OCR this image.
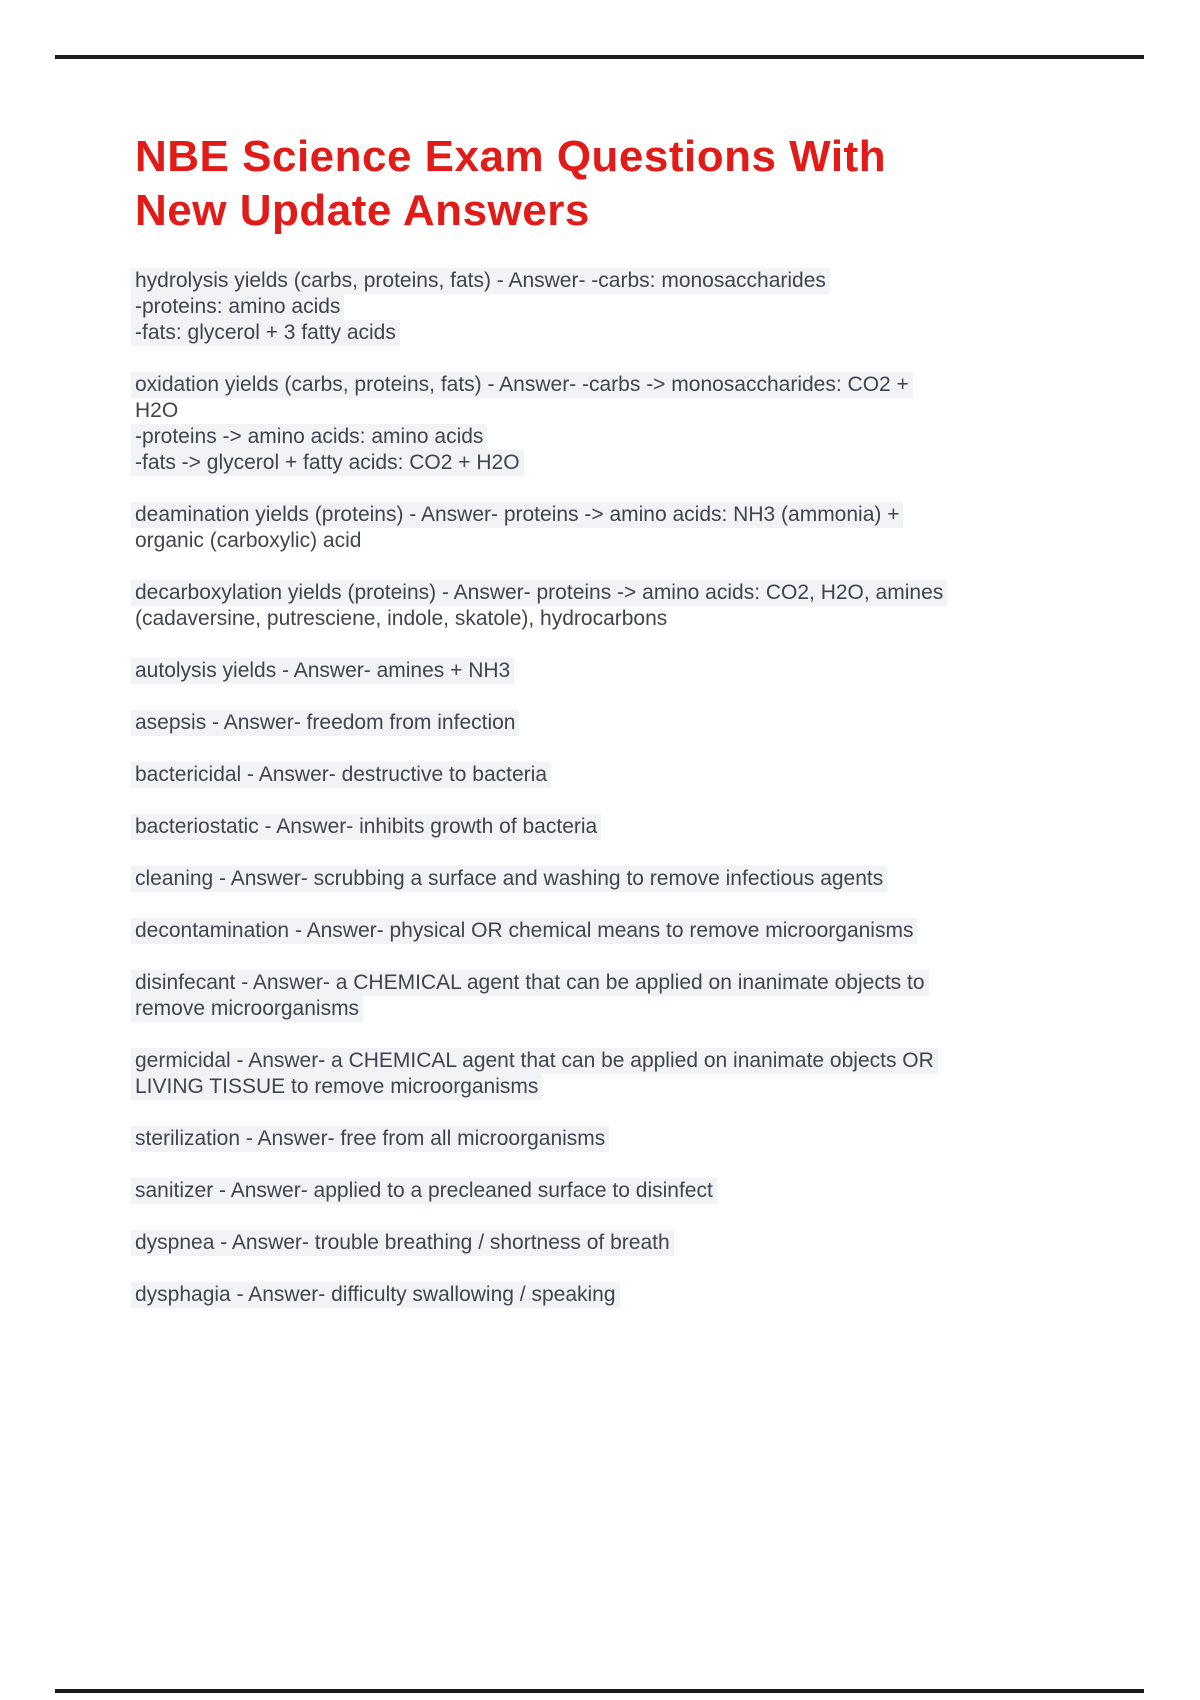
NBE Science Exam Questions With
New Update Answers
hydrolysis yields (carbs, proteins, fats) - Answer- -carbs: monosaccharides
-proteins: amino acids
-fats: glycerol + 3 fatty acids
oxidation yields (carbs, proteins, fats) - Answer- -carbs -> monosaccharides: CO2 +
H2O
-proteins -> amino acids: amino acids
-fats -> glycerol + fatty acids: CO2 + H2O
deamination yields (proteins) - Answer- proteins -> amino acids: NH3 (ammonia) +
organic (carboxylic) acid
decarboxylation yields (proteins) - Answer- proteins -> amino acids: CO2, H2O, amines
(cadaversine, putresciene, indole, skatole), hydrocarbons
autolysis yields - Answer- amines + NH3
asepsis - Answer- freedom from infection
bactericidal - Answer- destructive to bacteria
bacteriostatic - Answer- inhibits growth of bacteria
cleaning - Answer- scrubbing a surface and washing to remove infectious agents
decontamination - Answer- physical OR chemical means to remove microorganisms
disinfecant - Answer- a CHEMICAL agent that can be applied on inanimate objects to
remove microorganisms
germicidal - Answer- a CHEMICAL agent that can be applied on inanimate objects OR
LIVING TISSUE to remove microorganisms
sterilization - Answer- free from all microorganisms
sanitizer - Answer- applied to a precleaned surface to disinfect
dyspnea - Answer- trouble breathing / shortness of breath
dysphagia - Answer- difficulty swallowing / speaking
